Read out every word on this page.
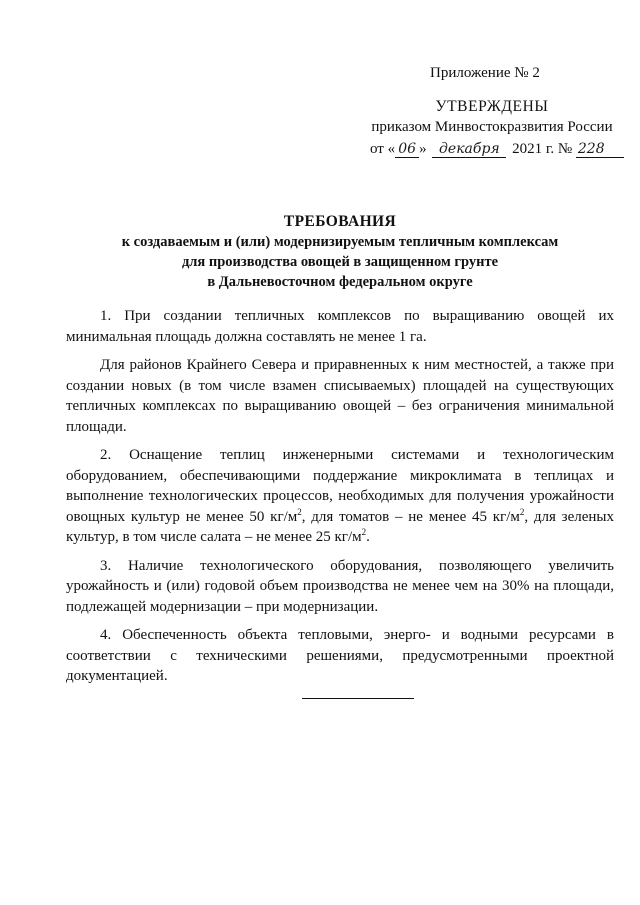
Приложение № 2
УТВЕРЖДЕНЫ
приказом Минвостокразвития России
от « 06 » декабря 2021 г. № 228
ТРЕБОВАНИЯ
к создаваемым и (или) модернизируемым тепличным комплексам
для производства овощей в защищенном грунте
в Дальневосточном федеральном округе

1. При создании тепличных комплексов по выращиванию овощей их минимальная площадь должна составлять не менее 1 га.

Для районов Крайнего Севера и приравненных к ним местностей, а также при создании новых (в том числе взамен списываемых) площадей на существующих тепличных комплексах по выращиванию овощей – без ограничения минимальной площади.

2. Оснащение теплиц инженерными системами и технологическим оборудованием, обеспечивающими поддержание микроклимата в теплицах и выполнение технологических процессов, необходимых для получения урожайности овощных культур не менее 50 $кг/м^2$, для томатов – не менее 45 $кг/м^2$, для зеленых культур, в том числе салата – не менее 25 $кг/м^2$.

3. Наличие технологического оборудования, позволяющего увеличить урожайность и (или) годовой объем производства не менее чем на 30% на площади, подлежащей модернизации – при модернизации.

4. Обеспеченность объекта тепловыми, энерго- и водными ресурсами в соответствии с техническими решениями, предусмотренными проектной документацией.
